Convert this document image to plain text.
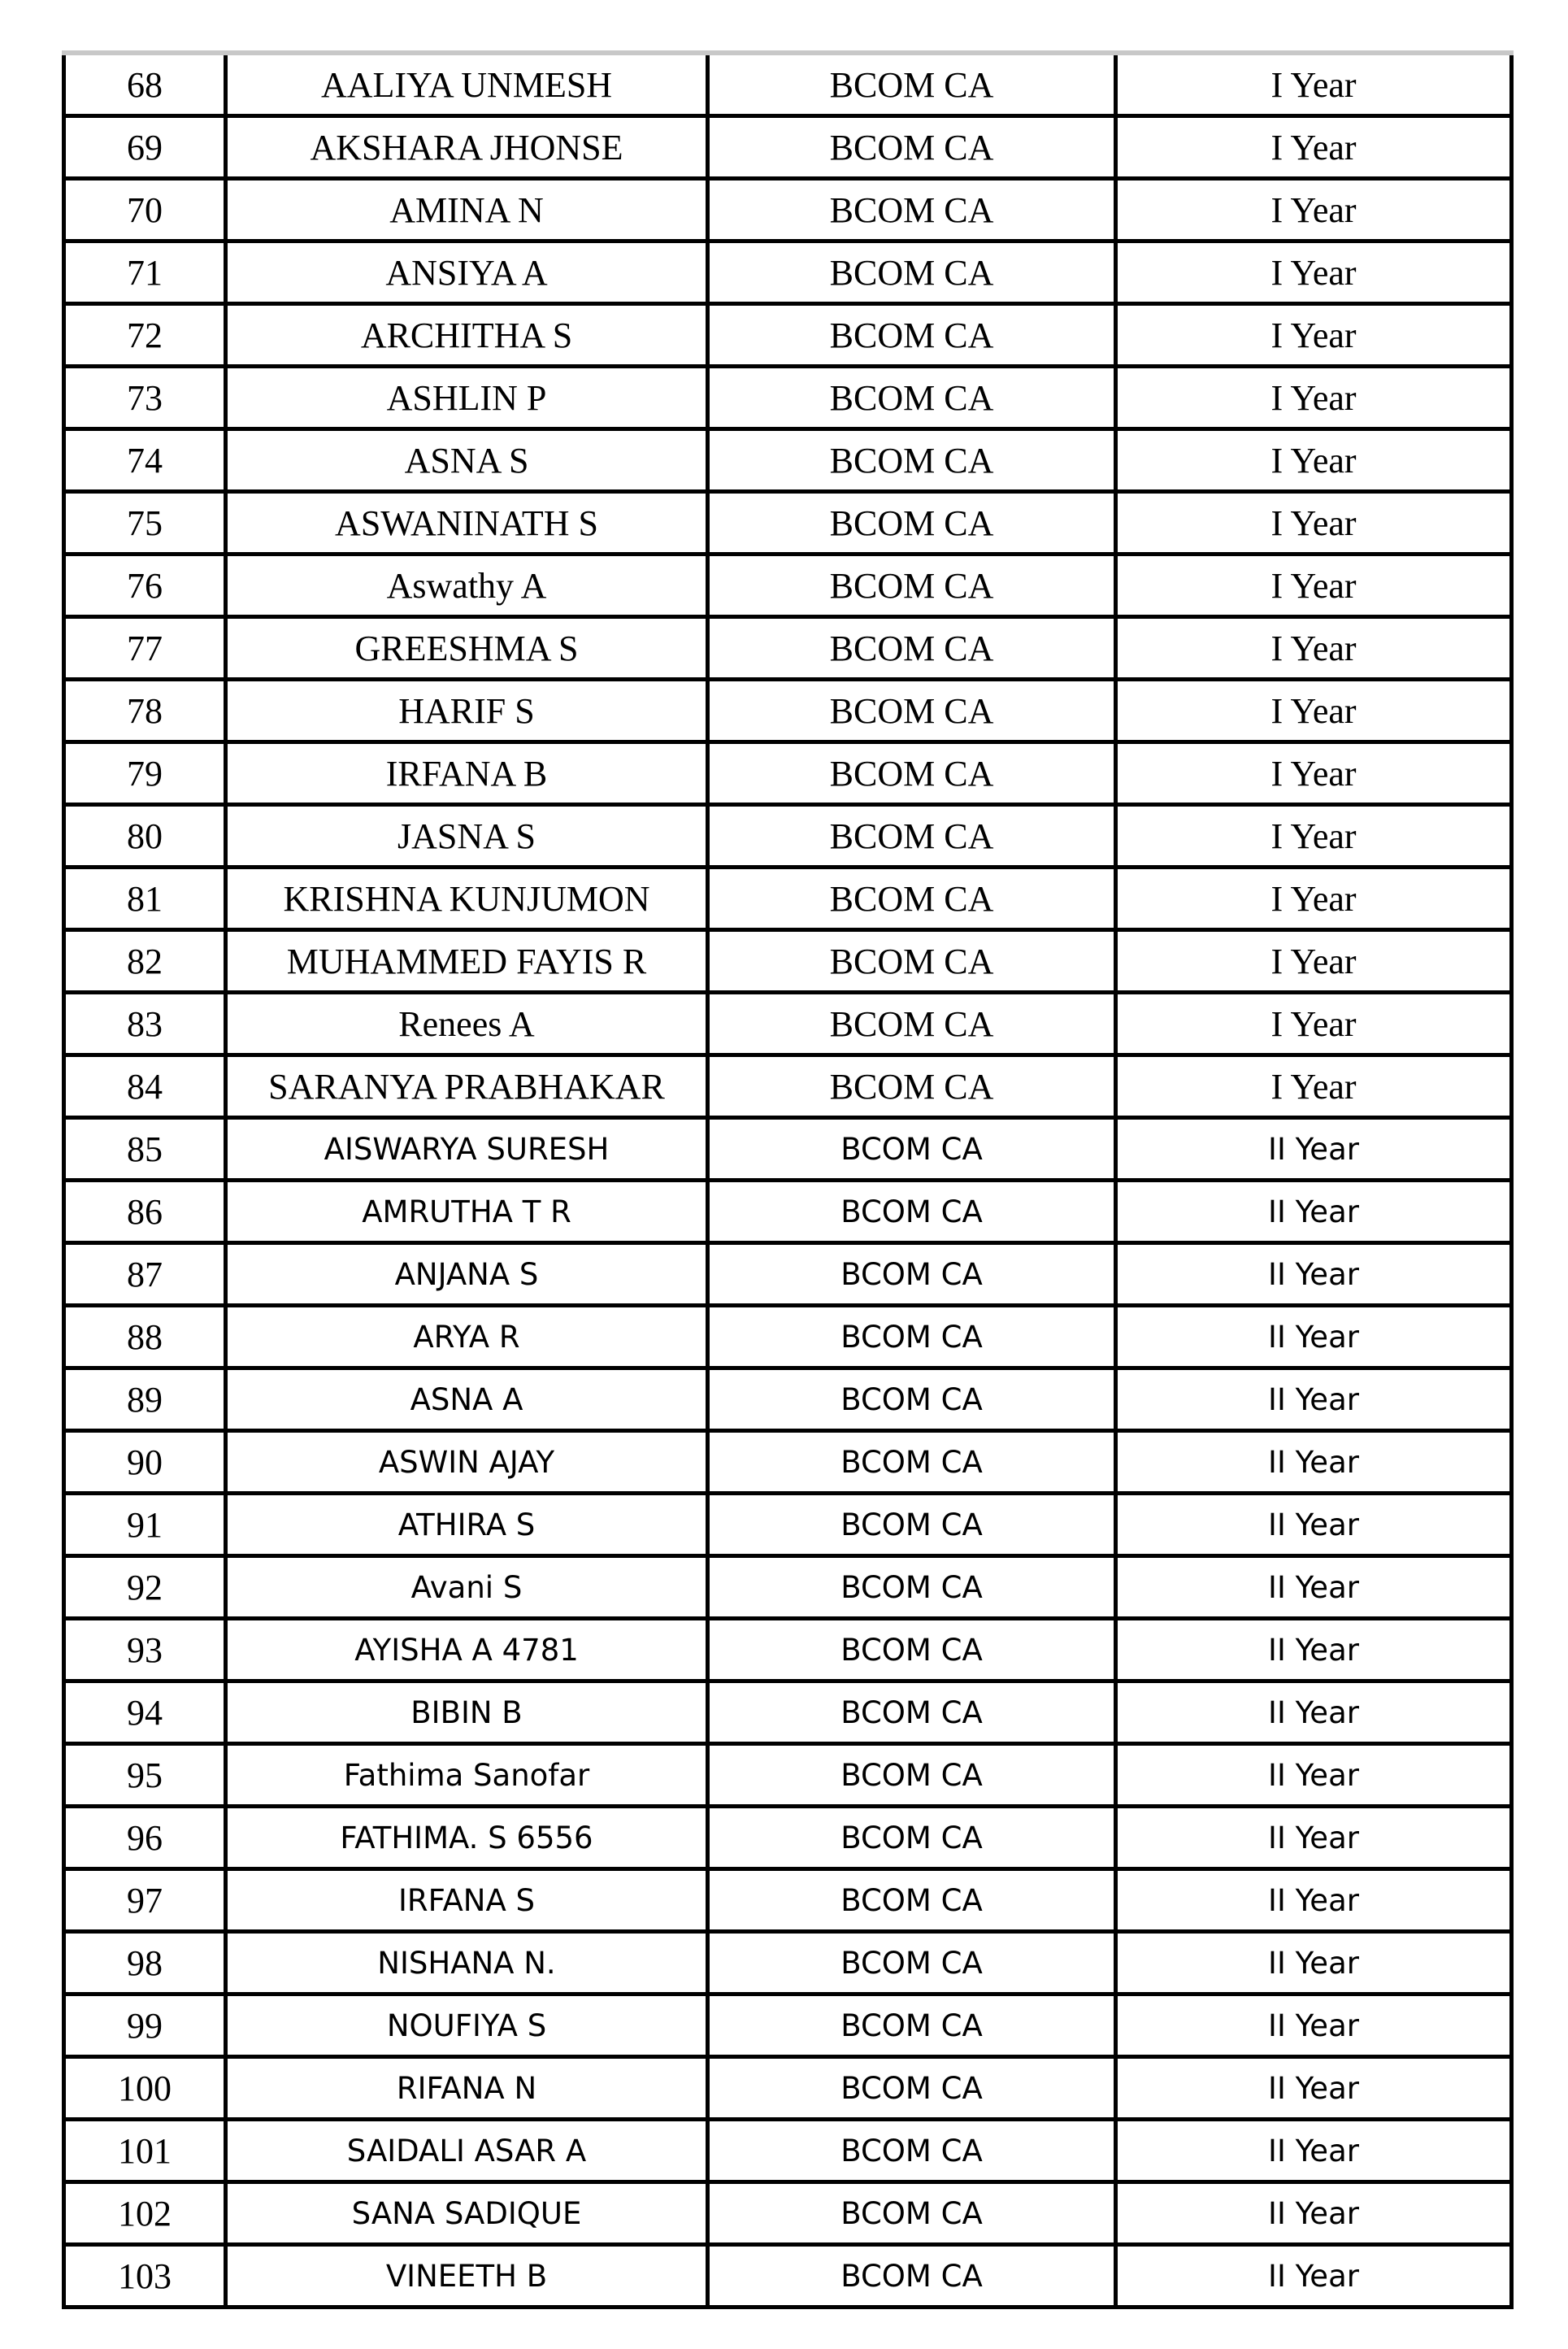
68	AALIYA UNMESH	BCOM CA	I Year
69	AKSHARA JHONSE	BCOM CA	I Year
70	AMINA N	BCOM CA	I Year
71	ANSIYA A	BCOM CA	I Year
72	ARCHITHA S	BCOM CA	I Year
73	ASHLIN P	BCOM CA	I Year
74	ASNA S	BCOM CA	I Year
75	ASWANINATH S	BCOM CA	I Year
76	Aswathy A	BCOM CA	I Year
77	GREESHMA S	BCOM CA	I Year
78	HARIF S	BCOM CA	I Year
79	IRFANA B	BCOM CA	I Year
80	JASNA S	BCOM CA	I Year
81	KRISHNA KUNJUMON	BCOM CA	I Year
82	MUHAMMED FAYIS R	BCOM CA	I Year
83	Renees A	BCOM CA	I Year
84	SARANYA PRABHAKAR	BCOM CA	I Year
85	AISWARYA SURESH	BCOM CA	II Year
86	AMRUTHA T R	BCOM CA	II Year
87	ANJANA S	BCOM CA	II Year
88	ARYA R	BCOM CA	II Year
89	ASNA A	BCOM CA	II Year
90	ASWIN AJAY	BCOM CA	II Year
91	ATHIRA S	BCOM CA	II Year
92	Avani S	BCOM CA	II Year
93	AYISHA A 4781	BCOM CA	II Year
94	BIBIN B	BCOM CA	II Year
95	Fathima Sanofar	BCOM CA	II Year
96	FATHIMA. S 6556	BCOM CA	II Year
97	IRFANA S	BCOM CA	II Year
98	NISHANA N.	BCOM CA	II Year
99	NOUFIYA S	BCOM CA	II Year
100	RIFANA N	BCOM CA	II Year
101	SAIDALI ASAR A	BCOM CA	II Year
102	SANA SADIQUE	BCOM CA	II Year
103	VINEETH B	BCOM CA	II Year
